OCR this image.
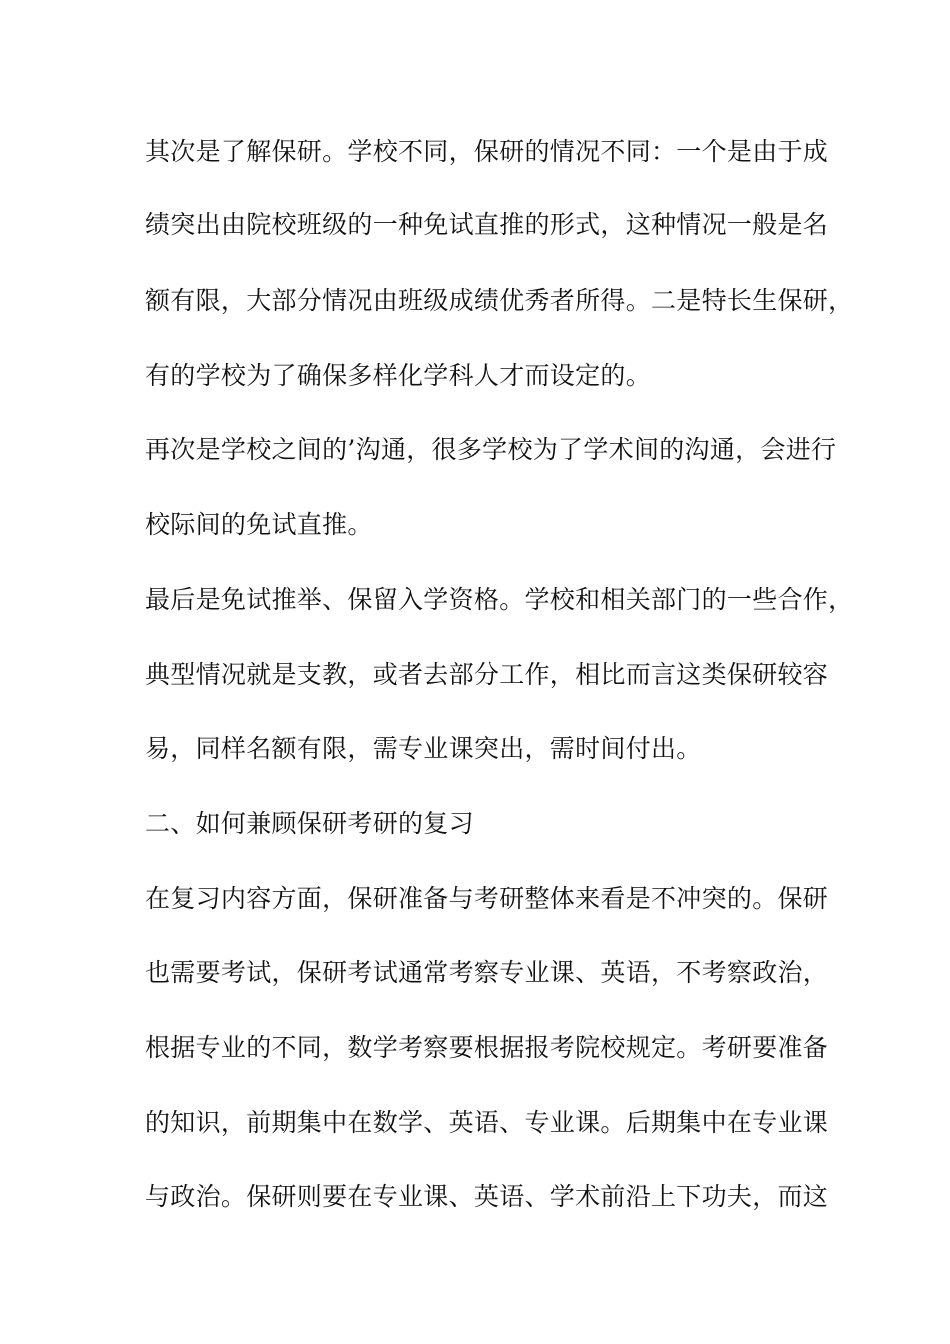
其次是了解保研。学校不同，保研的情况不同：一个是由于成
绩突出由院校班级的一种免试直推的形式，这种情况一般是名
额有限，大部分情况由班级成绩优秀者所得。二是特长生保研，
有的学校为了确保多样化学科人才而设定的。
再次是学校之间的’沟通，很多学校为了学术间的沟通，会进行
校际间的免试直推。
最后是免试推举、保留入学资格。学校和相关部门的一些合作，
典型情况就是支教，或者去部分工作，相比而言这类保研较容
易，同样名额有限，需专业课突出，需时间付出。
二、如何兼顾保研考研的复习
在复习内容方面，保研准备与考研整体来看是不冲突的。保研
也需要考试，保研考试通常考察专业课、英语，不考察政治，
根据专业的不同，数学考察要根据报考院校规定。考研要准备
的知识，前期集中在数学、英语、专业课。后期集中在专业课
与政治。保研则要在专业课、英语、学术前沿上下功夫，而这
